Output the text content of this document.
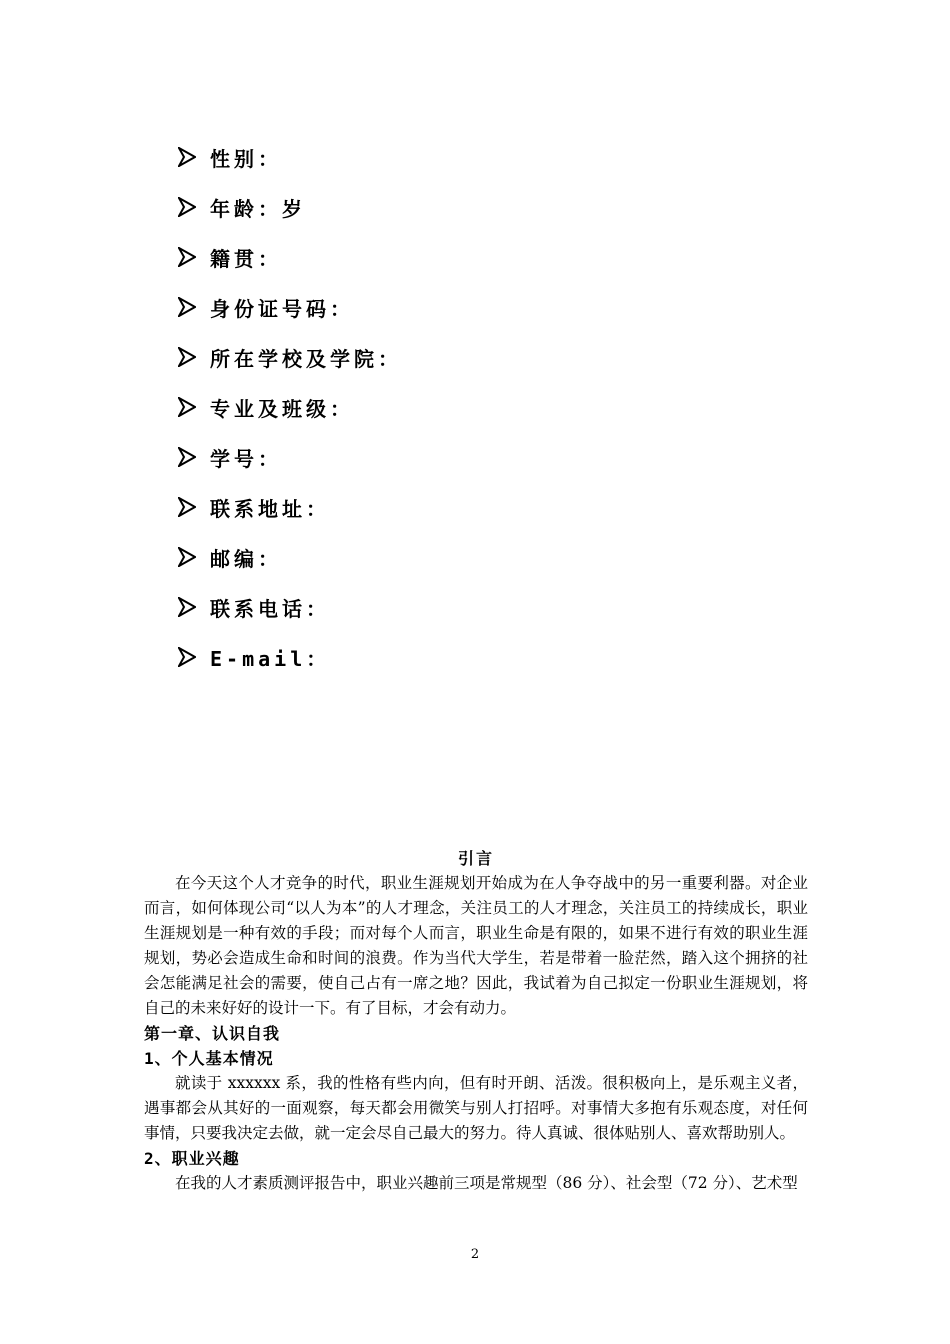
性别：
年龄：岁
籍贯：
身份证号码：
所在学校及学院：
专业及班级：
学号：
联系地址：
邮编：
联系电话：
E-mail：
引言

在今天这个人才竞争的时代，职业生涯规划开始成为在人争夺战中的另一重要利器。对企业而言，如何体现公司“以人为本”的人才理念，关注员工的人才理念，关注员工的持续成长，职业生涯规划是一种有效的手段；而对每个人而言，职业生命是有限的，如果不进行有效的职业生涯规划，势必会造成生命和时间的浪费。作为当代大学生，若是带着一脸茫然，踏入这个拥挤的社会怎能满足社会的需要，使自己占有一席之地？因此，我试着为自己拟定一份职业生涯规划，将自己的未来好好的设计一下。有了目标，才会有动力。

第一章、认识自我

1、个人基本情况

就读于 xxxxxx 系，我的性格有些内向，但有时开朗、活泼。很积极向上，是乐观主义者，遇事都会从其好的一面观察，每天都会用微笑与别人打招呼。对事情大多抱有乐观态度，对任何事情，只要我决定去做，就一定会尽自己最大的努力。待人真诚、很体贴别人、喜欢帮助别人。

2、职业兴趣

在我的人才素质测评报告中，职业兴趣前三项是常规型（86 分）、社会型（72 分）、艺术型

2
